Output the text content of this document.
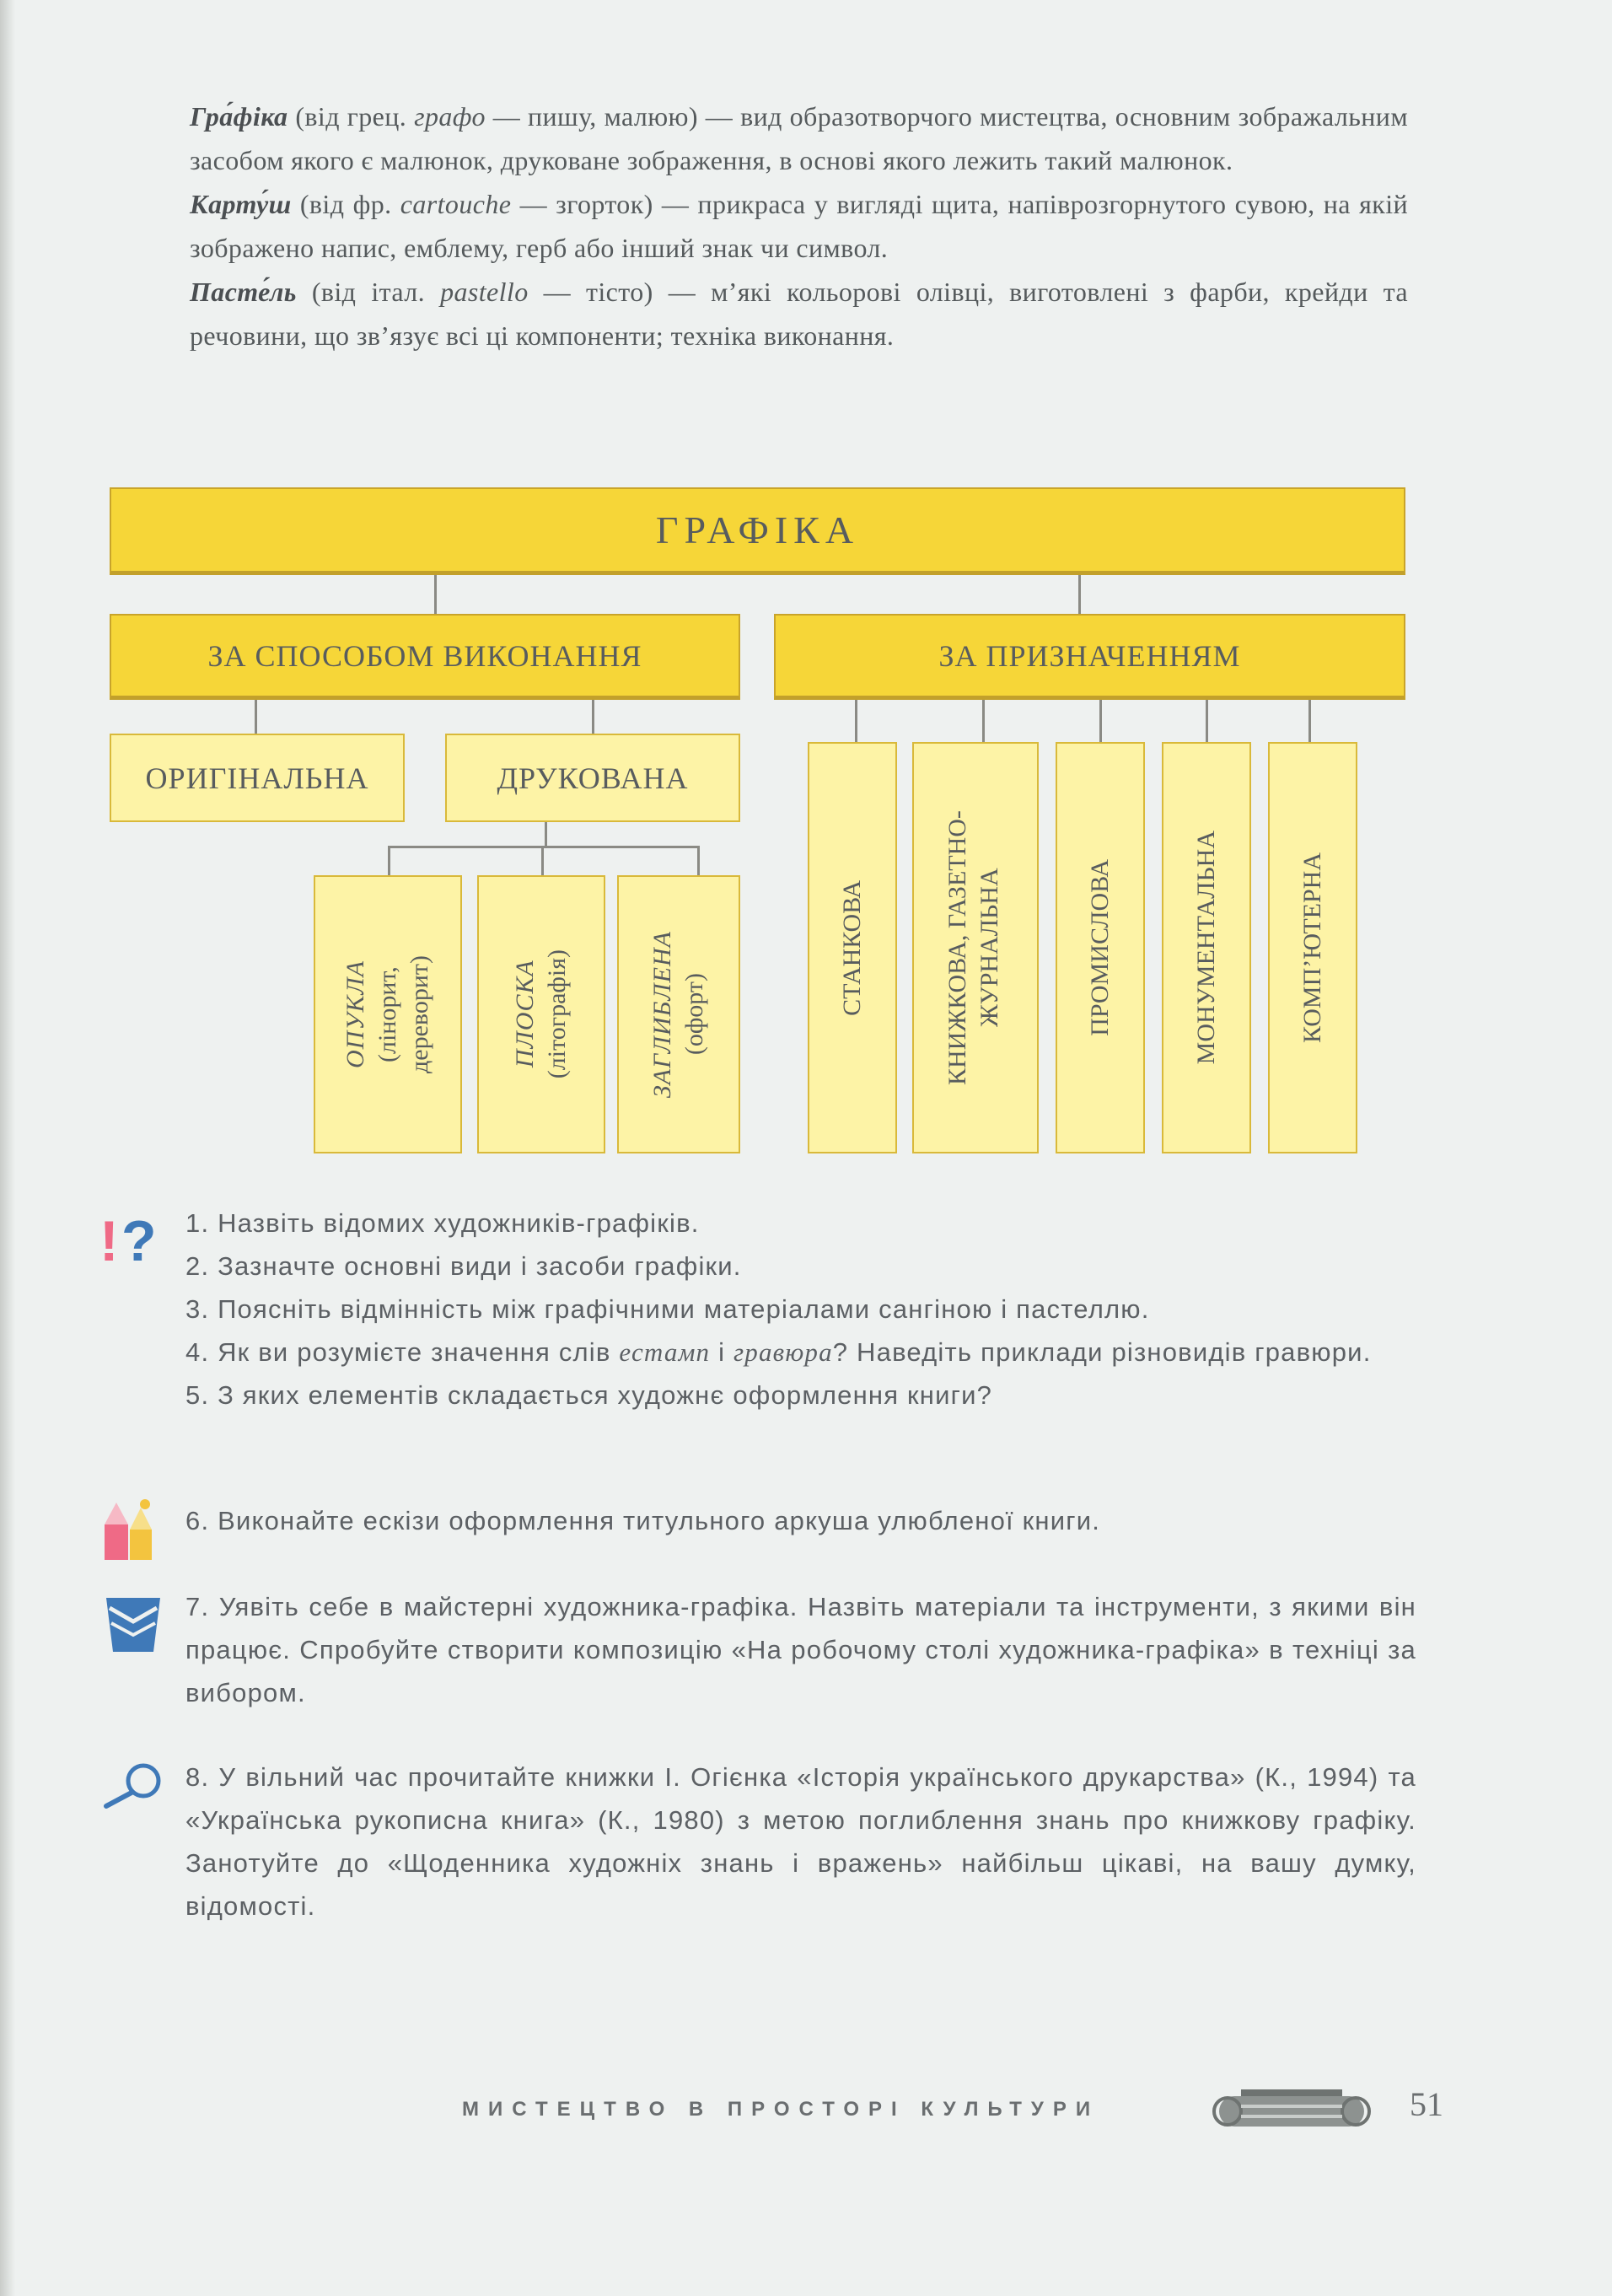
Гра́фіка (від грец. графо — пишу, малюю) — вид образотворчого мистецтва, основним зображальним засобом якого є малюнок, друковане зображення, в основі якого лежить такий малюнок.

Карту́ш (від фр. cartouche — згорток) — прикраса у вигляді щита, напіврозгорнутого сувою, на якій зображено напис, емблему, герб або інший знак чи символ.

Пасте́ль (від італ. pastello — тісто) — м’які кольорові олівці, виготовлені з фарби, крейди та речовини, що зв’язує всі ці компоненти; техніка виконання.

ГРАФІКА
ЗА СПОСОБОМ ВИКОНАННЯ	ЗА ПРИЗНАЧЕННЯМ
ОРИГІНАЛЬНА	ДРУКОВАНА
ОПУКЛА (лінорит, дереворит)	ПЛОСКА (літографія)	ЗАГЛИБЛЕНА (офорт)	СТАНКОВА	КНИЖКОВА, ГАЗЕТНО-ЖУРНАЛЬНА	ПРОМИСЛОВА	МОНУМЕНТАЛЬНА	КОМП’ЮТЕРНА
! ? 1. Назвіть відомих художників-графіків.

2. Зазначте основні види і засоби графіки.

3. Поясніть відмінність між графічними матеріалами сангіною і пастеллю.

4. Як ви розумієте значення слів естамп і гравюра? Наведіть приклади різновидів гравюри.

5. З яких елементів складається художнє оформлення книги?

6. Виконайте ескізи оформлення титульного аркуша улюбленої книги.

7. Уявіть себе в майстерні художника-графіка. Назвіть матеріали та інструменти, з якими він працює. Спробуйте створити композицію «На робочому столі художника-графіка» в техніці за вибором.

8. У вільний час прочитайте книжки І. Огієнка «Історія українського друкарства» (К., 1994) та «Українська рукописна книга» (К., 1980) з метою поглиблення знань про книжкову графіку. Занотуйте до «Щоденника художніх знань і вражень» найбільш цікаві, на вашу думку, відомості.

МИСТЕЦТВО В ПРОСТОРІ КУЛЬТУРИ	51
